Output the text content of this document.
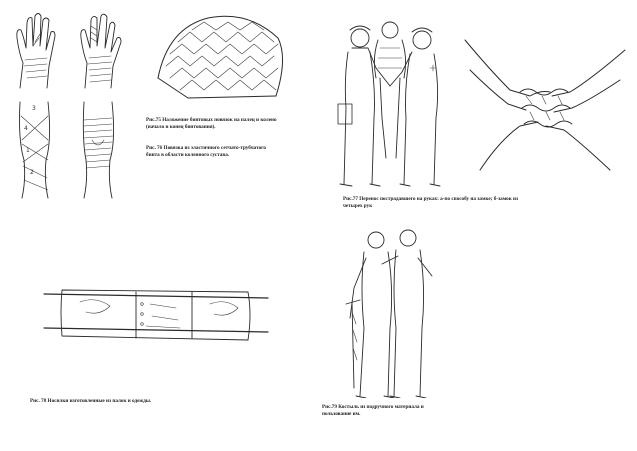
3
4
1
2
Рис.75 Наложение бинтовых повязок на палец и колено
(начало и конец бинтования).
Рис. 76 Повязка из эластичного сетчато-трубчатого
бинта в области коленного сустава.
Рис.77 Перенос пострадавшего на руках: а-по способу на замке; б-замок из
четырех рук
Рис. 78 Носилки изготовленные из палок и одежды.
Рис.79 Костыль из подручного материала и
пользование им.
